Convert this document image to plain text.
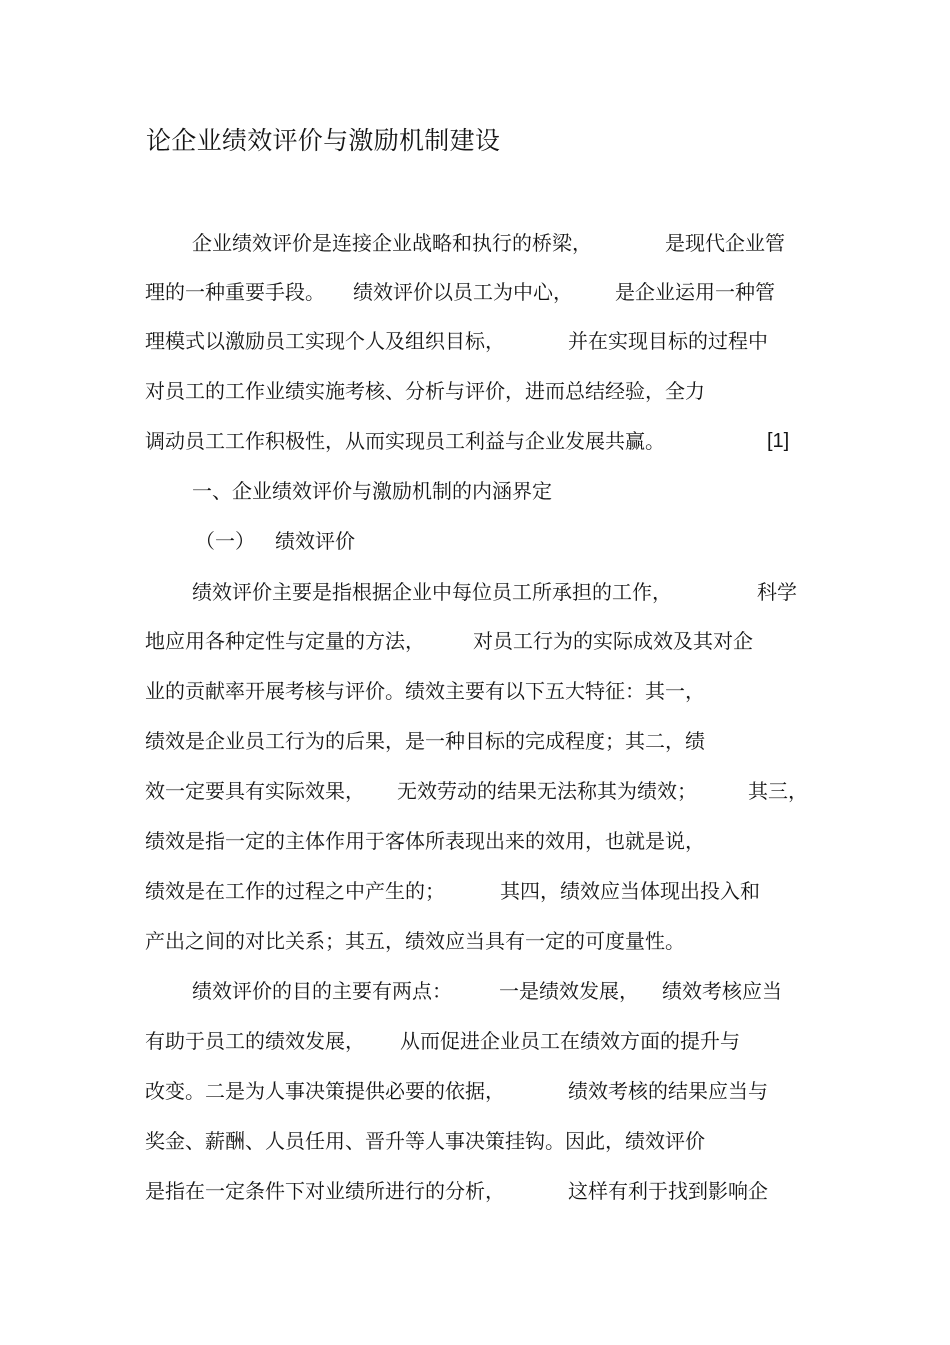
论企业绩效评价与激励机制建设
企业绩效评价是连接企业战略和执行的桥梁，	是现代企业管
理的一种重要手段。 绩效评价以员工为中心， 是企业运用一种管
理模式以激励员工实现个人及组织目标，	并在实现目标的过程中
对员工的工作业绩实施考核、分析与评价，进而总结经验，全力
调动员工工作积极性，从而实现员工利益与企业发展共赢。	[1]
一、企业绩效评价与激励机制的内涵界定
（一） 绩效评价
绩效评价主要是指根据企业中每位员工所承担的工作，	科学
地应用各种定性与定量的方法， 对员工行为的实际成效及其对企
业的贡献率开展考核与评价。绩效主要有以下五大特征：其一，
绩效是企业员工行为的后果，是一种目标的完成程度；其二，绩
效一定要具有实际效果， 无效劳动的结果无法称其为绩效；	其三，
绩效是指一定的主体作用于客体所表现出来的效用，也就是说，
绩效是在工作的过程之中产生的；	其四，绩效应当体现出投入和
产出之间的对比关系；其五，绩效应当具有一定的可度量性。
绩效评价的目的主要有两点： 一是绩效发展， 绩效考核应当
有助于员工的绩效发展， 从而促进企业员工在绩效方面的提升与
改变。二是为人事决策提供必要的依据，	绩效考核的结果应当与
奖金、薪酬、人员任用、晋升等人事决策挂钩。因此，绩效评价
是指在一定条件下对业绩所进行的分析，	这样有利于找到影响企
